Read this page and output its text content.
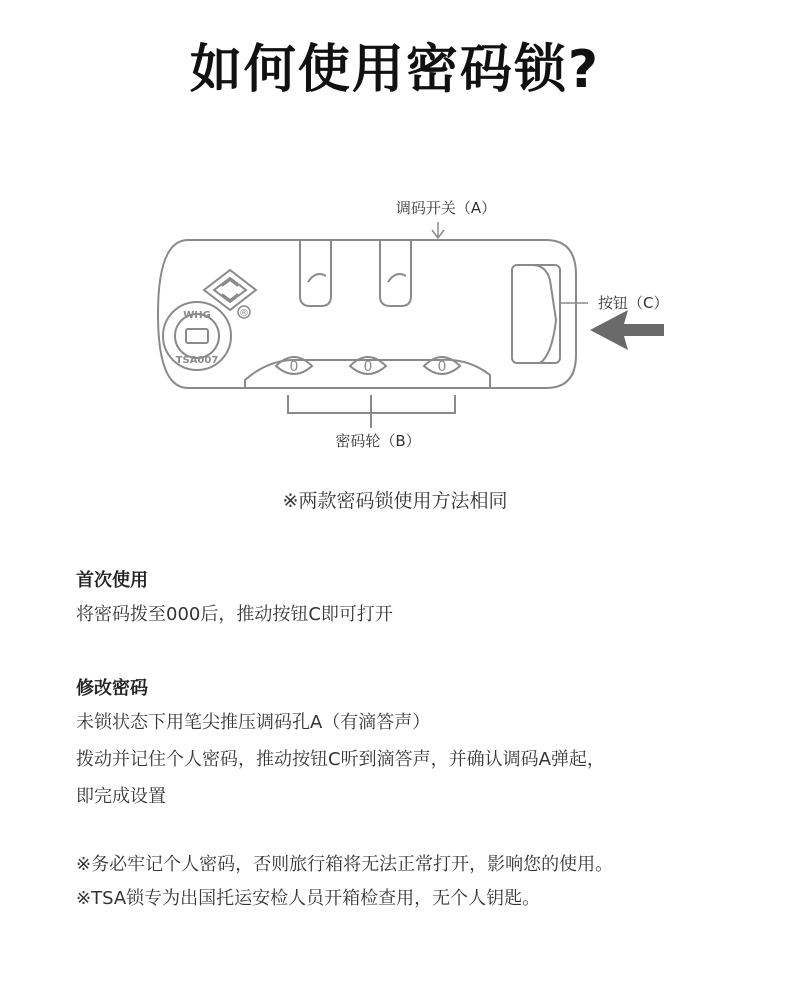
如何使用密码锁?
0	0	0
WHG
TSA007
®
调码开关（A）
按钮（C）
密码轮（B）
※两款密码锁使用方法相同
首次使用
将密码拨至000后，推动按钮C即可打开
修改密码
未锁状态下用笔尖推压调码孔A（有滴答声）
拨动并记住个人密码，推动按钮C听到滴答声，并确认调码A弹起，
即完成设置
※务必牢记个人密码，否则旅行箱将无法正常打开，影响您的使用。
※TSA锁专为出国托运安检人员开箱检查用，无个人钥匙。
